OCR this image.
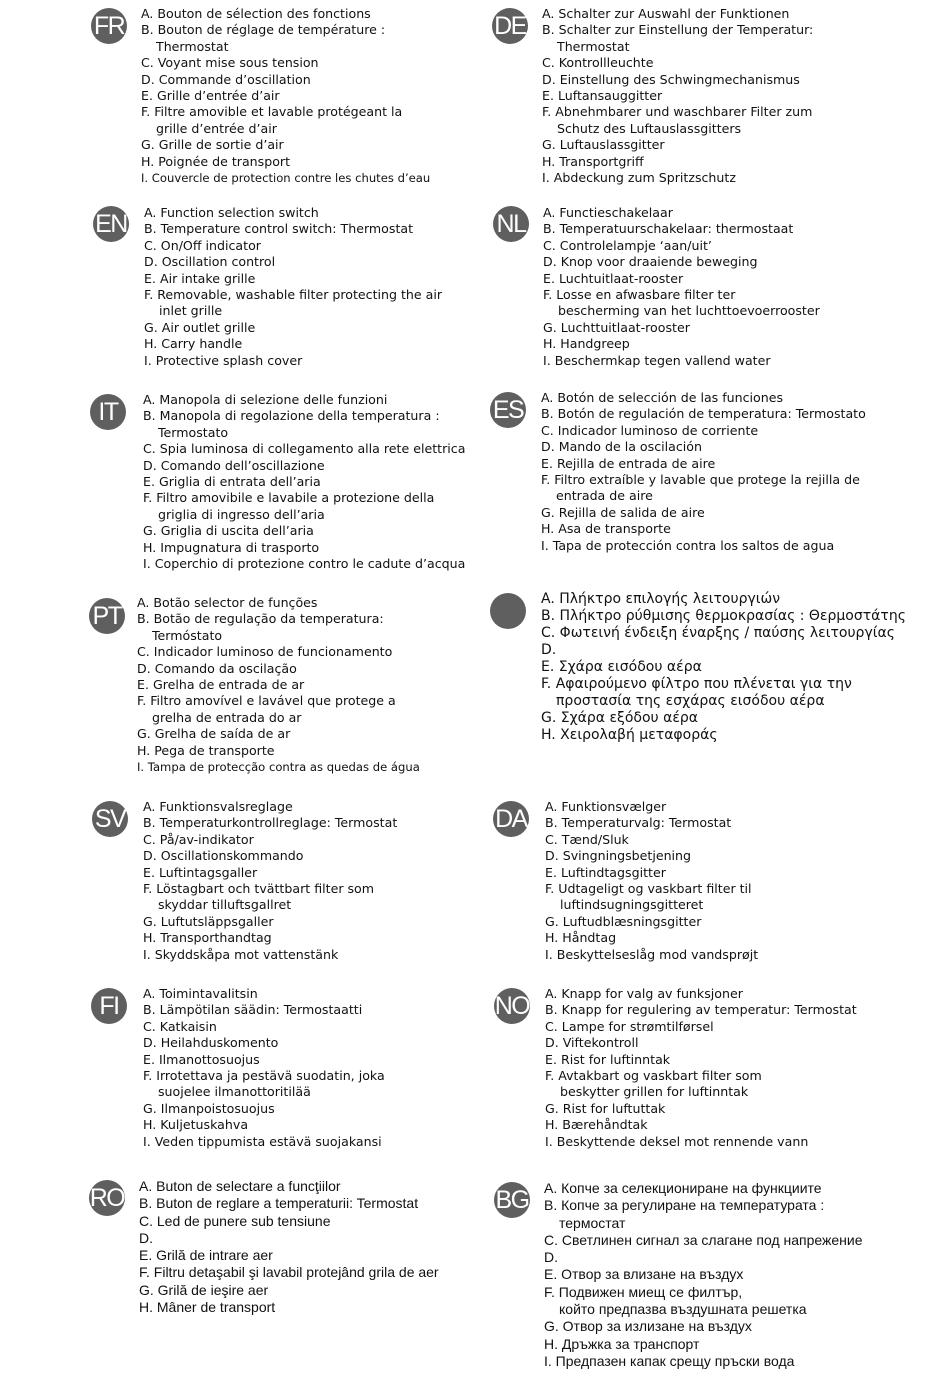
FR A. Bouton de sélection des fonctions
B. Bouton de réglage de température :
Thermostat
C. Voyant mise sous tension
D. Commande d’oscillation
E. Grille d’entrée d’air
F. Filtre amovible et lavable protégeant la
grille d’entrée d’air
G. Grille de sortie d’air
H. Poignée de transport
I. Couvercle de protection contre les chutes d’eau
DE A. Schalter zur Auswahl der Funktionen
B. Schalter zur Einstellung der Temperatur:
Thermostat
C. Kontrollleuchte
D. Einstellung des Schwingmechanismus
E. Luftansauggitter
F. Abnehmbarer und waschbarer Filter zum
Schutz des Luftauslassgitters
G. Luftauslassgitter
H. Transportgriff
I. Abdeckung zum Spritzschutz
EN A. Function selection switch
B. Temperature control switch: Thermostat
C. On/Off indicator
D. Oscillation control
E. Air intake grille
F. Removable, washable filter protecting the air
inlet grille
G. Air outlet grille
H. Carry handle
I. Protective splash cover
NL A. Functieschakelaar
B. Temperatuurschakelaar: thermostaat
C. Controlelampje ‘aan/uit’
D. Knop voor draaiende beweging
E. Luchtuitlaat-rooster
F. Losse en afwasbare filter ter
bescherming van het luchttoevoerrooster
G. Luchttuitlaat-rooster
H. Handgreep
I. Beschermkap tegen vallend water
IT	A. Manopola di selezione delle funzioni
B. Manopola di regolazione della temperatura :
Termostato
C. Spia luminosa di collegamento alla rete elettrica
D. Comando dell’oscillazione
E. Griglia di entrata dell’aria
F. Filtro amovibile e lavabile a protezione della
griglia di ingresso dell’aria
G. Griglia di uscita dell’aria
H. Impugnatura di trasporto
I. Coperchio di protezione contro le cadute d’acqua
ES A. Botón de selección de las funciones
B. Botón de regulación de temperatura: Termostato
C. Indicador luminoso de corriente
D. Mando de la oscilación
E. Rejilla de entrada de aire
F. Filtro extraíble y lavable que protege la rejilla de
entrada de aire
G. Rejilla de salida de aire
H. Asa de transporte
I. Tapa de protección contra los saltos de agua
PT A. Botão selector de funções
B. Botão de regulação da temperatura:
Termóstato
C. Indicador luminoso de funcionamento
D. Comando da oscilação
E. Grelha de entrada de ar
F. Filtro amovível e lavável que protege a
grelha de entrada do ar
G. Grelha de saída de ar
H. Pega de transporte
I. Tampa de protecção contra as quedas de água
A. Πλήκτρο επιλογής λειτουργιών
B. Πλήκτρο ρύθμισης θερμοκρασίας : Θερμοστάτης
C. Φωτεινή ένδειξη έναρξης / παύσης λειτουργίας
D.
E. Σχάρα εισόδου αέρα
F. Αφαιρούμενο φίλτρο που πλένεται για την
προστασία της εσχάρας εισόδου αέρα
G. Σχάρα εξόδου αέρα
H. Χειρολαβή μεταφοράς
SV A. Funktionsvalsreglage
B. Temperaturkontrollreglage: Termostat
C. På/av-indikator
D. Oscillationskommando
E. Luftintagsgaller
F. Löstagbart och tvättbart filter som
skyddar tilluftsgallret
G. Luftutsläppsgaller
H. Transporthandtag
I. Skyddskåpa mot vattenstänk
DA A. Funktionsvælger
B. Temperaturvalg: Termostat
C. Tænd/Sluk
D. Svingningsbetjening
E. Luftindtagsgitter
F. Udtageligt og vaskbart filter til
luftindsugningsgitteret
G. Luftudblæsningsgitter
H. Håndtag
I. Beskyttelseslåg mod vandsprøjt
FI	A. Toimintavalitsin
B. Lämpötilan säädin: Termostaatti
C. Katkaisin
D. Heilahduskomento
E. Ilmanottosuojus
F. Irrotettava ja pestävä suodatin, joka
suojelee ilmanottoritilää
G. Ilmanpoistosuojus
H. Kuljetuskahva
I. Veden tippumista estävä suojakansi
NO A. Knapp for valg av funksjoner
B. Knapp for regulering av temperatur: Termostat
C. Lampe for strømtilførsel
D. Viftekontroll
E. Rist for luftinntak
F. Avtakbart og vaskbart filter som
beskytter grillen for luftinntak
G. Rist for luftuttak
H. Bærehåndtak
I. Beskyttende deksel mot rennende vann
RO A. Buton de selectare a funcţiilor
B. Buton de reglare a temperaturii: Termostat
C. Led de punere sub tensiune
D.
E. Grilă de intrare aer
F. Filtru detaşabil şi lavabil protejând grila de aer
G. Grilă de ieşire aer
H. Mâner de transport
BG A. Копче за селекциониране на функциите
B. Копче за регулиране на температурата :
термостат
C. Светлинен сигнал за слагане под напрежение
D.
E. Отвор за влизане на въздух
F. Подвижен миещ се филтър,
който предпазва въздушната решетка
G. Отвор за излизане на въздух
H. Дръжка за транспорт
I. Предпазен капак срещу пръски вода
